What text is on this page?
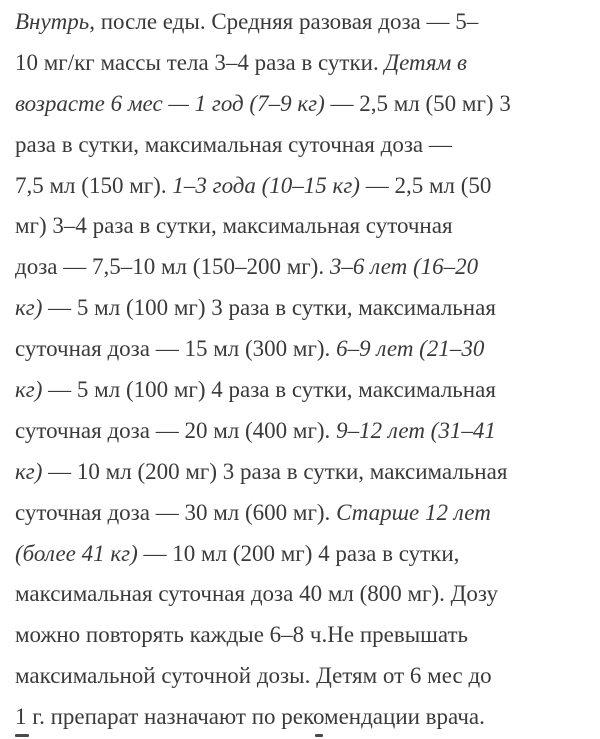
Внутрь, после еды. Средняя разовая доза — 5–
10 мг/кг массы тела 3–4 раза в сутки. Детям в
возрасте 6 мес — 1 год (7–9 кг) — 2,5 мл (50 мг) 3
раза в сутки, максимальная суточная доза —
7,5 мл (150 мг). 1–3 года (10–15 кг) — 2,5 мл (50
мг) 3–4 раза в сутки, максимальная суточная
доза — 7,5–10 мл (150–200 мг). 3–6 лет (16–20
кг) — 5 мл (100 мг) 3 раза в сутки, максимальная
суточная доза — 15 мл (300 мг). 6–9 лет (21–30
кг) — 5 мл (100 мг) 4 раза в сутки, максимальная
суточная доза — 20 мл (400 мг). 9–12 лет (31–41
кг) — 10 мл (200 мг) 3 раза в сутки, максимальная
суточная доза — 30 мл (600 мг). Старше 12 лет
(более 41 кг) — 10 мл (200 мг) 4 раза в сутки,
максимальная суточная доза 40 мл (800 мг). Дозу
можно повторять каждые 6–8 ч.Не превышать
максимальной суточной дозы. Детям от 6 мес до
1 г. препарат назначают по рекомендации врача.
